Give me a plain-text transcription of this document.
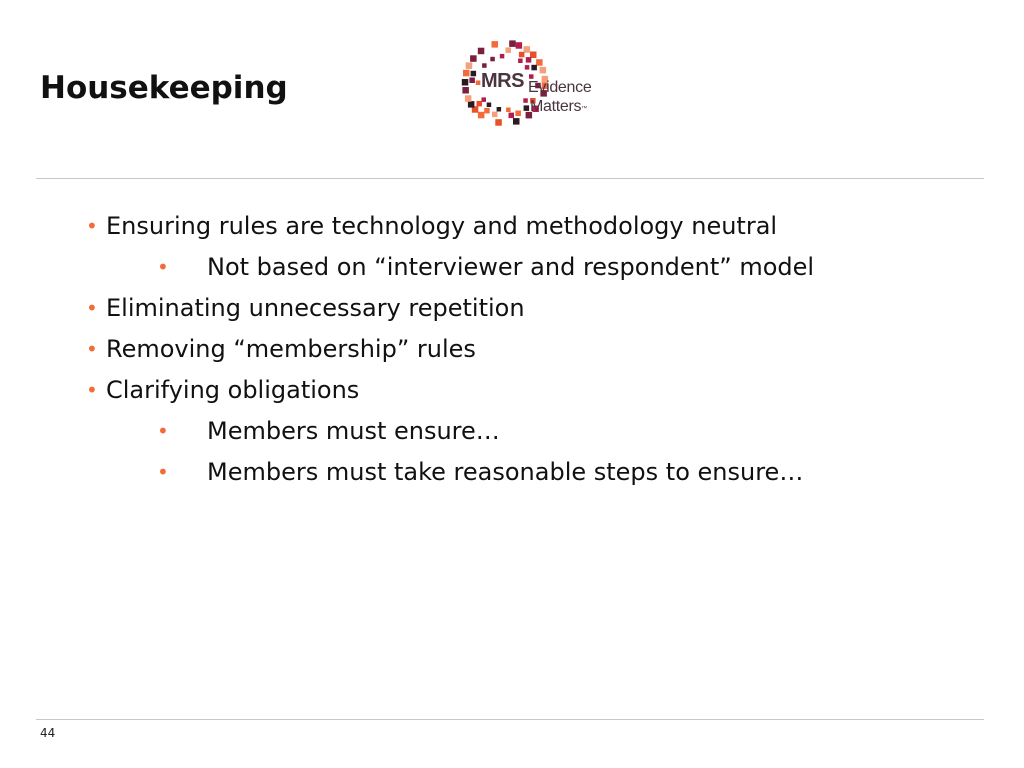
Housekeeping	MRS Evidence
Matters™
• Ensuring rules are technology and methodology neutral
• Not based on “interviewer and respondent” model
• Eliminating unnecessary repetition
• Removing “membership” rules
• Clarifying obligations
• Members must ensure…
• Members must take reasonable steps to ensure…
44
